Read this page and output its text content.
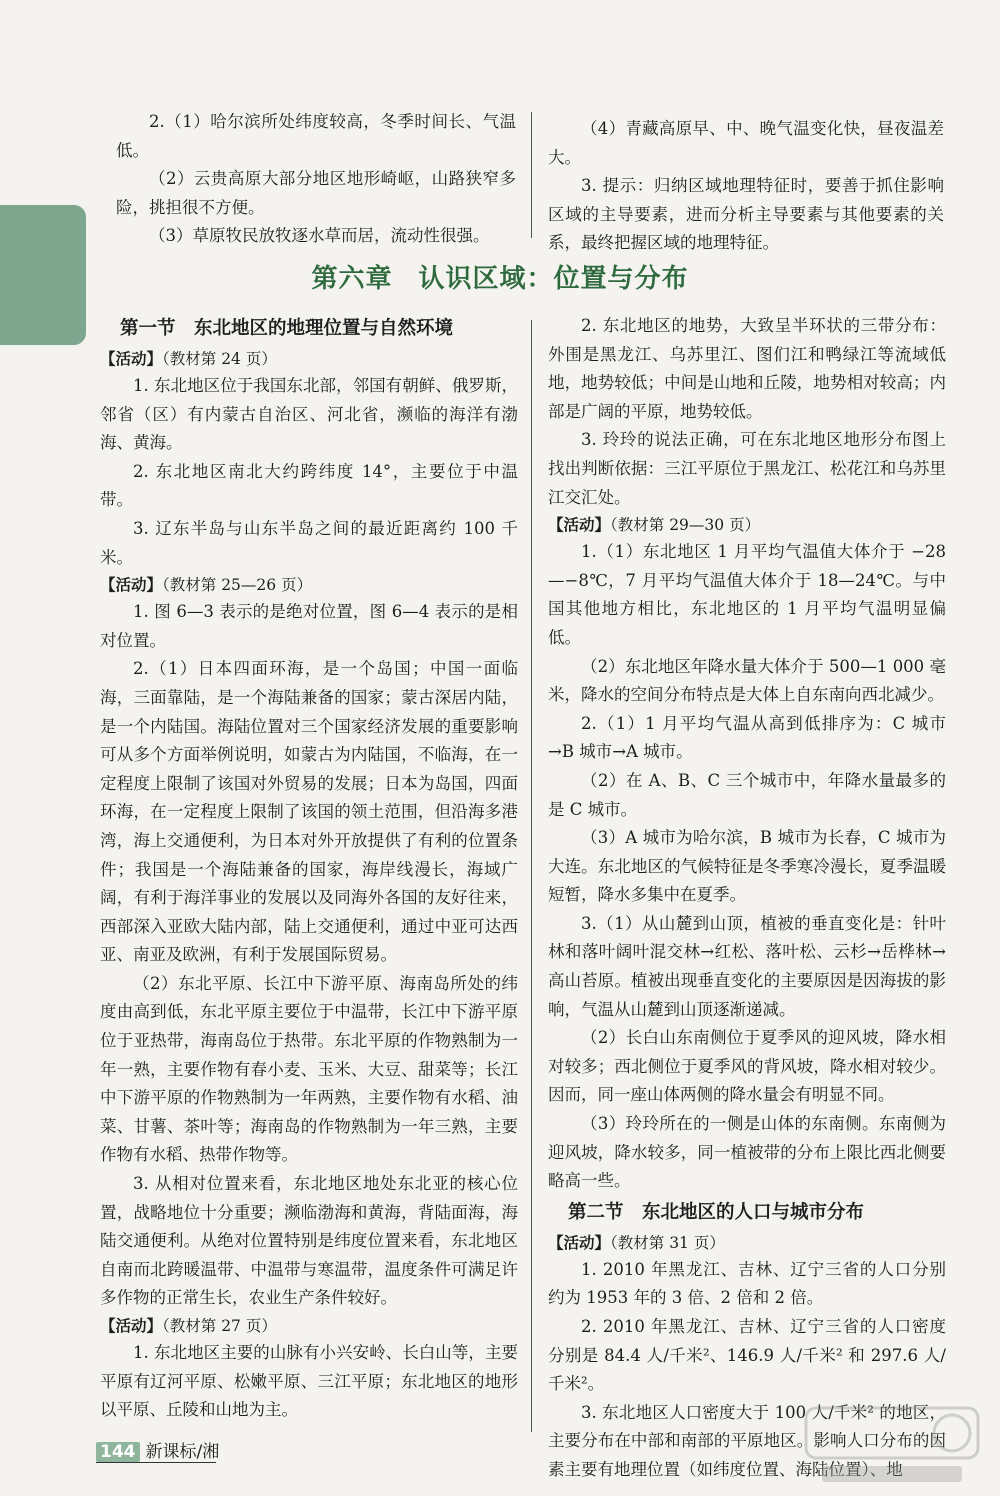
2.（1）哈尔滨所处纬度较高，冬季时间长、气温低。

（2）云贵高原大部分地区地形崎岖，山路狭窄多险，挑担很不方便。

（3）草原牧民放牧逐水草而居，流动性很强。

（4）青藏高原早、中、晚气温变化快，昼夜温差大。

3. 提示：归纳区域地理特征时，要善于抓住影响区域的主导要素，进而分析主导要素与其他要素的关系，最终把握区域的地理特征。

第六章 认识区域：位置与分布

第一节　东北地区的地理位置与自然环境

【活动】（教材第 24 页）

1. 东北地区位于我国东北部，邻国有朝鲜、俄罗斯，邻省（区）有内蒙古自治区、河北省，濒临的海洋有渤海、黄海。

2. 东北地区南北大约跨纬度 14°，主要位于中温带。

3. 辽东半岛与山东半岛之间的最近距离约 100 千米。

【活动】（教材第 25—26 页）

1. 图 6—3 表示的是绝对位置，图 6—4 表示的是相对位置。

2.（1）日本四面环海，是一个岛国；中国一面临海，三面靠陆，是一个海陆兼备的国家；蒙古深居内陆，是一个内陆国。海陆位置对三个国家经济发展的重要影响可从多个方面举例说明，如蒙古为内陆国，不临海，在一定程度上限制了该国对外贸易的发展；日本为岛国，四面环海，在一定程度上限制了该国的领土范围，但沿海多港湾，海上交通便利，为日本对外开放提供了有利的位置条件；我国是一个海陆兼备的国家，海岸线漫长，海域广阔，有利于海洋事业的发展以及同海外各国的友好往来，西部深入亚欧大陆内部，陆上交通便利，通过中亚可达西亚、南亚及欧洲，有利于发展国际贸易。

（2）东北平原、长江中下游平原、海南岛所处的纬度由高到低，东北平原主要位于中温带，长江中下游平原位于亚热带，海南岛位于热带。东北平原的作物熟制为一年一熟，主要作物有春小麦、玉米、大豆、甜菜等；长江中下游平原的作物熟制为一年两熟，主要作物有水稻、油菜、甘薯、茶叶等；海南岛的作物熟制为一年三熟，主要作物有水稻、热带作物等。

3. 从相对位置来看，东北地区地处东北亚的核心位置，战略地位十分重要；濒临渤海和黄海，背陆面海，海陆交通便利。从绝对位置特别是纬度位置来看，东北地区自南而北跨暖温带、中温带与寒温带，温度条件可满足许多作物的正常生长，农业生产条件较好。

【活动】（教材第 27 页）

1. 东北地区主要的山脉有小兴安岭、长白山等，主要平原有辽河平原、松嫩平原、三江平原；东北地区的地形以平原、丘陵和山地为主。

2. 东北地区的地势，大致呈半环状的三带分布：外围是黑龙江、乌苏里江、图们江和鸭绿江等流域低地，地势较低；中间是山地和丘陵，地势相对较高；内部是广阔的平原，地势较低。

3. 玲玲的说法正确，可在东北地区地形分布图上找出判断依据：三江平原位于黑龙江、松花江和乌苏里江交汇处。

【活动】（教材第 29—30 页）

1.（1）东北地区 1 月平均气温值大体介于 −28—−8℃，7 月平均气温值大体介于 18—24℃。与中国其他地方相比，东北地区的 1 月平均气温明显偏低。

（2）东北地区年降水量大体介于 500—1 000 毫米，降水的空间分布特点是大体上自东南向西北减少。

2.（1）1 月平均气温从高到低排序为：C 城市→B 城市→A 城市。

（2）在 A、B、C 三个城市中，年降水量最多的是 C 城市。

（3）A 城市为哈尔滨，B 城市为长春，C 城市为大连。东北地区的气候特征是冬季寒冷漫长，夏季温暖短暂，降水多集中在夏季。

3.（1）从山麓到山顶，植被的垂直变化是：针叶林和落叶阔叶混交林→红松、落叶松、云杉→岳桦林→高山苔原。植被出现垂直变化的主要原因是因海拔的影响，气温从山麓到山顶逐渐递减。

（2）长白山东南侧位于夏季风的迎风坡，降水相对较多；西北侧位于夏季风的背风坡，降水相对较少。因而，同一座山体两侧的降水量会有明显不同。

（3）玲玲所在的一侧是山体的东南侧。东南侧为迎风坡，降水较多，同一植被带的分布上限比西北侧要略高一些。

第二节　东北地区的人口与城市分布

【活动】（教材第 31 页）

1. 2010 年黑龙江、吉林、辽宁三省的人口分别约为 1953 年的 3 倍、2 倍和 2 倍。

2. 2010 年黑龙江、吉林、辽宁三省的人口密度分别是 84.4 人/千米²、146.9 人/千米² 和 297.6 人/千米²。

3. 东北地区人口密度大于 100 人/千米² 的地区，主要分布在中部和南部的平原地区。影响人口分布的因素主要有地理位置（如纬度位置、海陆位置）、地

144 新课标/湘
